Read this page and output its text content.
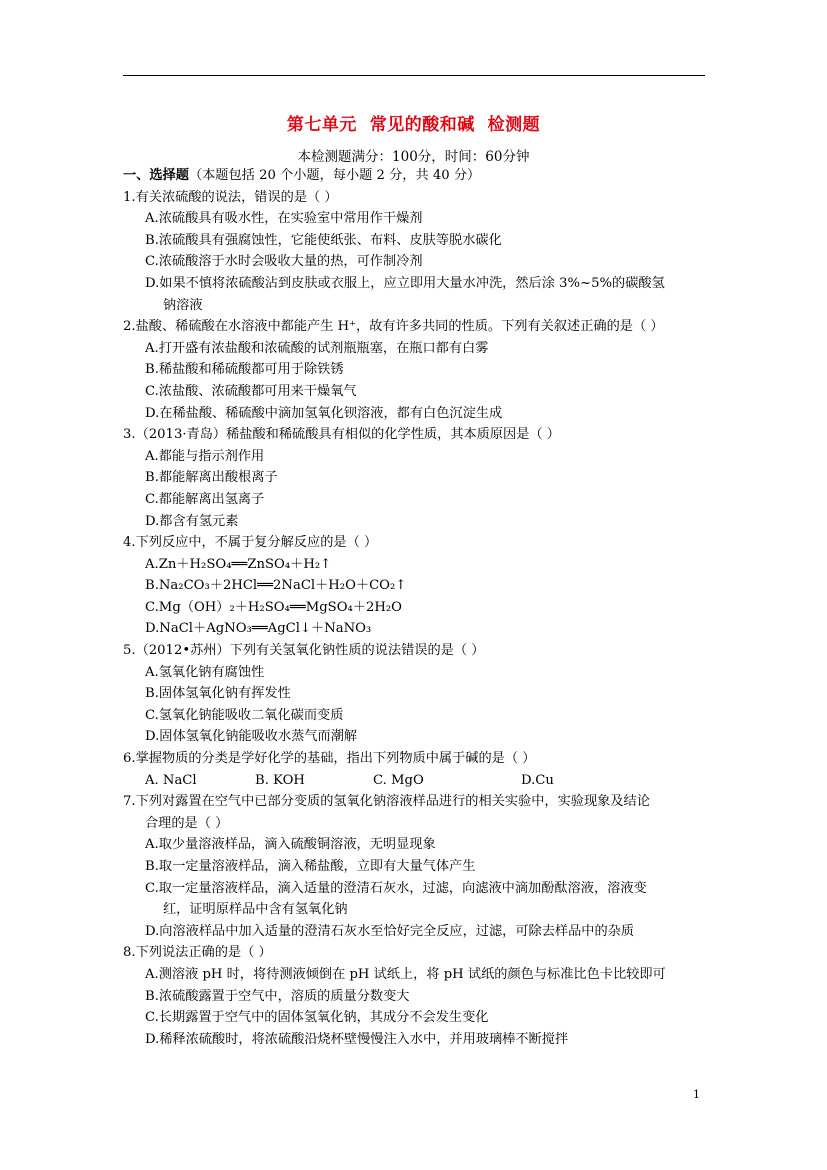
第七单元  常见的酸和碱  检测题
本检测题满分：100分，时间：60分钟
一、选择题（本题包括 20 个小题，每小题 2 分，共 40 分）
1.有关浓硫酸的说法，错误的是（ ）
A.浓硫酸具有吸水性，在实验室中常用作干燥剂
B.浓硫酸具有强腐蚀性，它能使纸张、布料、皮肤等脱水碳化
C.浓硫酸溶于水时会吸收大量的热，可作制冷剂
D.如果不慎将浓硫酸沾到皮肤或衣服上，应立即用大量水冲洗，然后涂 3%~5%的碳酸氢
钠溶液
2.盐酸、稀硫酸在水溶液中都能产生 H⁺，故有许多共同的性质。下列有关叙述正确的是（ ）
A.打开盛有浓盐酸和浓硫酸的试剂瓶瓶塞，在瓶口都有白雾
B.稀盐酸和稀硫酸都可用于除铁锈
C.浓盐酸、浓硫酸都可用来干燥氧气
D.在稀盐酸、稀硫酸中滴加氢氧化钡溶液，都有白色沉淀生成
3.（2013·青岛）稀盐酸和稀硫酸具有相似的化学性质，其本质原因是（ ）
A.都能与指示剂作用
B.都能解离出酸根离子
C.都能解离出氢离子
D.都含有氢元素
4.下列反应中，不属于复分解反应的是（ ）
A.Zn＋H₂SO₄══ZnSO₄＋H₂↑
B.Na₂CO₃＋2HCl══2NaCl＋H₂O＋CO₂↑
C.Mg（OH）₂＋H₂SO₄══MgSO₄＋2H₂O
D.NaCl＋AgNO₃══AgCl↓＋NaNO₃
5.（2012•苏州）下列有关氢氧化钠性质的说法错误的是（ ）
A.氢氧化钠有腐蚀性
B.固体氢氧化钠有挥发性
C.氢氧化钠能吸收二氧化碳而变质
D.固体氢氧化钠能吸收水蒸气而潮解
6.掌握物质的分类是学好化学的基础，指出下列物质中属于碱的是（ ）
A. NaCl	B. KOH	C. MgO	D.Cu
7.下列对露置在空气中已部分变质的氢氧化钠溶液样品进行的相关实验中，实验现象及结论
合理的是（ ）
A.取少量溶液样品，滴入硫酸铜溶液，无明显现象
B.取一定量溶液样品，滴入稀盐酸，立即有大量气体产生
C.取一定量溶液样品，滴入适量的澄清石灰水，过滤，向滤液中滴加酚酞溶液，溶液变
红，证明原样品中含有氢氧化钠
D.向溶液样品中加入适量的澄清石灰水至恰好完全反应，过滤，可除去样品中的杂质
8.下列说法正确的是（ ）
A.测溶液 pH 时，将待测液倾倒在 pH 试纸上，将 pH 试纸的颜色与标准比色卡比较即可
B.浓硫酸露置于空气中，溶质的质量分数变大
C.长期露置于空气中的固体氢氧化钠，其成分不会发生变化
D.稀释浓硫酸时，将浓硫酸沿烧杯壁慢慢注入水中，并用玻璃棒不断搅拌
1
